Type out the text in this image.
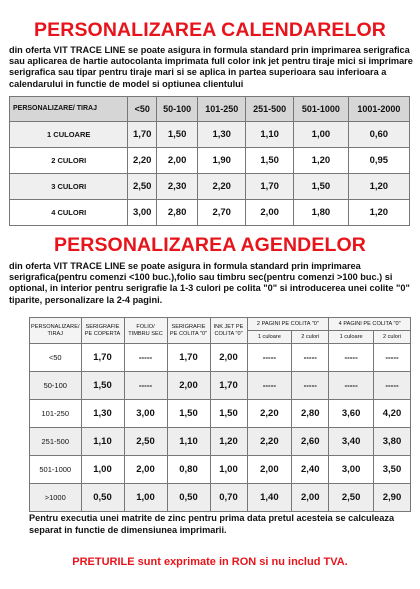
PERSONALIZAREA CALENDARELOR
din oferta VIT TRACE LINE se poate asigura in formula standard prin imprimarea serigrafica sau aplicarea de hartie autocolanta imprimata full color ink jet pentru tiraje mici si imprimare serigrafica sau tipar pentru tiraje mari si se aplica in partea superioara sau inferioara a calendarului in functie de model si optiunea clientului
PERSONALIZARE/ TIRAJ	<50	50-100	101-250	251-500	501-1000	1001-2000
1 CULOARE	1,70	1,50	1,30	1,10	1,00	0,60
2 CULORI	2,20	2,00	1,90	1,50	1,20	0,95
3 CULORI	2,50	2,30	2,20	1,70	1,50	1,20
4 CULORI	3,00	2,80	2,70	2,00	1,80	1,20
PERSONALIZAREA AGENDELOR
din oferta VIT TRACE LINE se poate asigura in formula standard prin imprimarea serigrafica(pentru comenzi <100 buc.),folio sau timbru sec(pentru comenzi >100 buc.) si optional, in interior pentru serigrafie la 1-3 culori pe colita "0" si introducerea unei colite "0" tiparite, personalizare la 2-4 pagini.
PERSONALIZARE/ TIRAJ	SERIGRAFIE PE COPERTA	FOLIO/ TIMBRU SEC	SERIGRAFIE PE COLITA "0"	INK JET PE COLITA "0"	2 PAGINI PE COLITA "0"		4 PAGINI PE COLITA "0"	
					1 culoare	2 culori	1 culoare	2 culori
<50	1,70	-----	1,70	2,00	-----	-----	-----	-----
50-100	1,50	-----	2,00	1,70	-----	-----	-----	-----
101-250	1,30	3,00	1,50	1,50	2,20	2,80	3,60	4,20
251-500	1,10	2,50	1,10	1,20	2,20	2,60	3,40	3,80
501-1000	1,00	2,00	0,80	1,00	2,00	2,40	3,00	3,50
>1000	0,50	1,00	0,50	0,70	1,40	2,00	2,50	2,90
Pentru executia unei matrite de zinc pentru prima data pretul acesteia se calculeaza separat in functie de dimensiunea imprimarii.
PRETURILE sunt exprimate in RON si nu includ TVA.
